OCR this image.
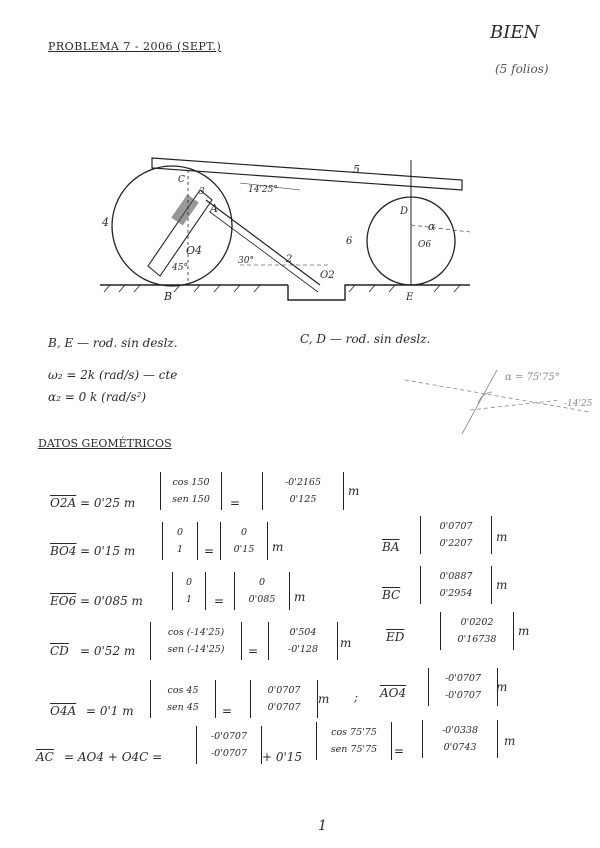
PROBLEMA 7 - 2006 (SEPT.)
BIEN
(5 folios)
5
4
6
2
3
A
C
D
B	E
O4	O6
O2
14'25°
45°
30°
α
α = 75'75°
-14'25
B, E — rod. sin deslz.	C, D — rod. sin deslz.
ω₂ = 2k (rad/s) — cte
α₂ = 0 k (rad/s²)
DATOS GEOMÉTRICOS
O2A = 0'25 m
cos 150
sen 150	=
-0'2165
0'125
m
BO4 = 0'15 m
0
1	=
0
0'15	m	$\overline{BA}$
0'0707
0'2207	m
EO6 = 0'085 m
0
1	=
0
0'085	m	$\overline{BC}$
0'0887
0'2954
m
$\overline{CD} = 0'52$ m
cos (-14'25)
sen (-14'25)	=
0'504
-0'128	m	$\overline{ED}$
0'0202
0'16738
m
O4A = 0'1 m
cos 45
sen 45	=
0'0707
0'0707
m ; AO4
-0'0707
-0'0707
m
$\overline{AC} = AO4 + O4C$ =
-0'0707
-0'0707	+ 0'15
cos 75'75
sen 75'75	=
-0'0338
0'0743	m
1
